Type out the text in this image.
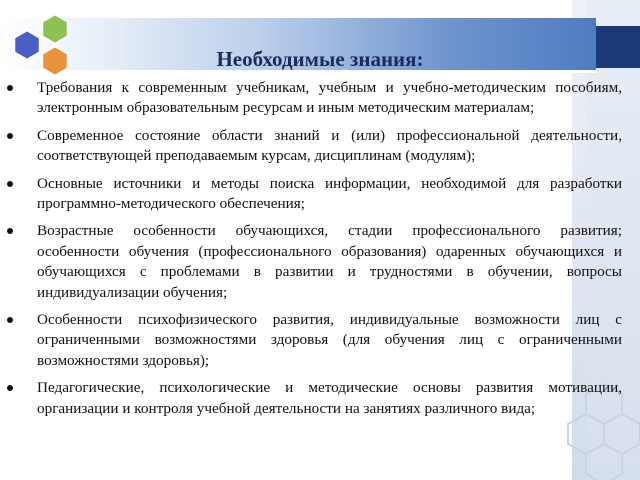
Необходимые знания:
Требования к современным учебникам, учебным и учебно-методическим пособиям, электронным образовательным ресурсам и иным методическим материалам;
Современное состояние области знаний и (или) профессиональной деятельности, соответствующей преподаваемым курсам, дисциплинам (модулям);
Основные источники и методы поиска информации, необходимой для разработки программно-методического обеспечения;
Возрастные особенности обучающихся, стадии профессионального развития; особенности обучения (профессионального образования) одаренных обучающихся и обучающихся с проблемами в развитии и трудностями в обучении, вопросы индивидуализации обучения;
Особенности психофизического развития, индивидуальные возможности лиц с ограниченными возможностями здоровья (для обучения лиц с ограниченными возможностями здоровья);
Педагогические, психологические и методические основы развития мотивации, организации и контроля учебной деятельности на занятиях различного вида;
